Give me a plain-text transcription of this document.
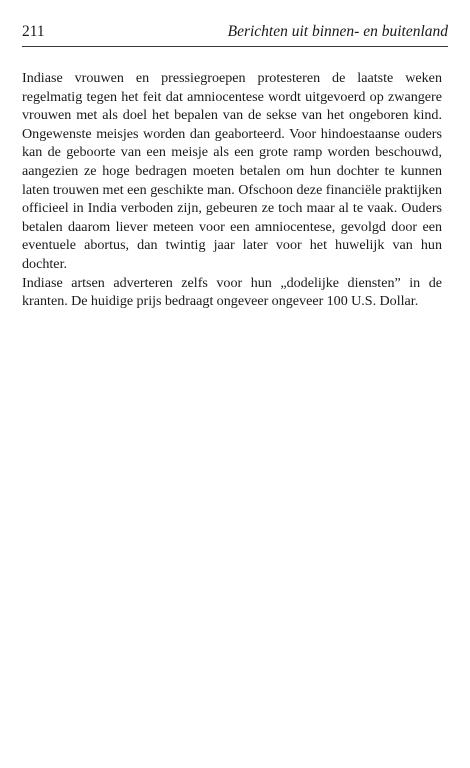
211	Berichten uit binnen- en buitenland

Indiase vrouwen en pressiegroepen protesteren de laatste weken regelmatig tegen het feit dat amniocentese wordt uitgevoerd op zwangere vrouwen met als doel het bepalen van de sekse van het ongeboren kind. Ongewenste meisjes worden dan geaborteerd. Voor hindoestaanse ouders kan de geboorte van een meisje als een grote ramp worden beschouwd, aangezien ze hoge bedragen moeten betalen om hun dochter te kunnen laten trouwen met een geschikte man. Ofschoon deze financiële praktijken officieel in India verboden zijn, gebeuren ze toch maar al te vaak. Ouders betalen daarom liever meteen voor een amniocentese, gevolgd door een eventuele abortus, dan twintig jaar later voor het huwelijk van hun dochter.

Indiase artsen adverteren zelfs voor hun „dodelijke diensten” in de kranten. De huidige prijs bedraagt ongeveer ongeveer 100 U.S. Dollar.
